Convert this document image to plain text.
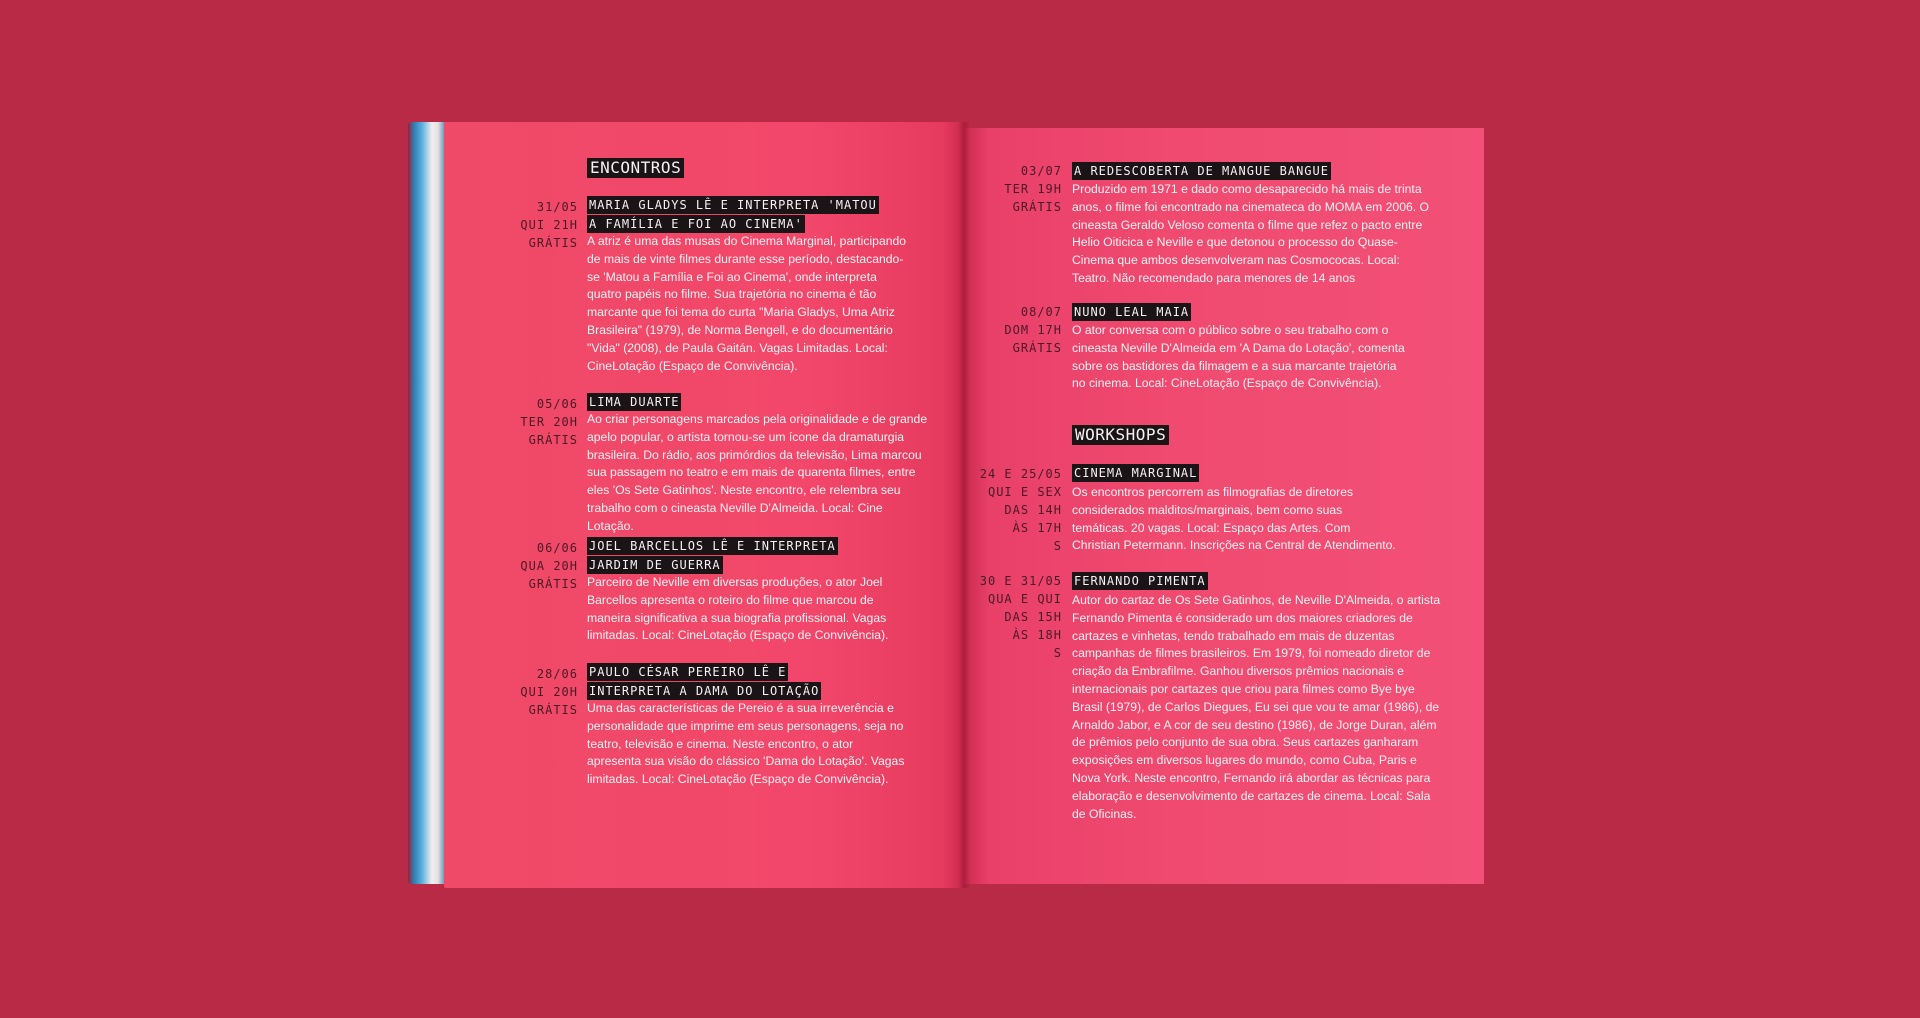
ENCONTROS
31/05
QUI 21H
GRÁTIS
MARIA GLADYS LÊ E INTERPRETA 'MATOU
A FAMÍLIA E FOI AO CINEMA'
A atriz é uma das musas do Cinema Marginal, participando de mais de vinte filmes durante esse período, destacando-se 'Matou a Família e Foi ao Cinema', onde interpreta quatro papéis no filme. Sua trajetória no cinema é tão marcante que foi tema do curta "Maria Gladys, Uma Atriz Brasileira" (1979), de Norma Bengell, e do documentário "Vida" (2008), de Paula Gaitán. Vagas Limitadas. Local: CineLotação (Espaço de Convivência).
05/06
TER 20H
GRÁTIS
LIMA DUARTE
Ao criar personagens marcados pela originalidade e de grande apelo popular, o artista tornou-se um ícone da dramaturgia brasileira. Do rádio, aos primórdios da televisão, Lima marcou sua passagem no teatro e em mais de quarenta filmes, entre eles 'Os Sete Gatinhos'. Neste encontro, ele relembra seu trabalho com o cineasta Neville D'Almeida. Local: Cine Lotação.
06/06
QUA 20H
GRÁTIS
JOEL BARCELLOS LÊ E INTERPRETA
JARDIM DE GUERRA
Parceiro de Neville em diversas produções, o ator Joel Barcellos apresenta o roteiro do filme que marcou de maneira significativa a sua biografia profissional. Vagas limitadas. Local: CineLotação (Espaço de Convivência).
28/06
QUI 20H
GRÁTIS
PAULO CÉSAR PEREIRO LÊ E
INTERPRETA A DAMA DO LOTAÇÃO
Uma das características de Pereio é a sua irreverência e personalidade que imprime em seus personagens, seja no teatro, televisão e cinema. Neste encontro, o ator apresenta sua visão do clássico 'Dama do Lotação'. Vagas limitadas. Local: CineLotação (Espaço de Convivência).
03/07
TER 19H
GRÁTIS
A REDESCOBERTA DE MANGUE BANGUE
Produzido em 1971 e dado como desaparecido há mais de trinta anos, o filme foi encontrado na cinemateca do MOMA em 2006. O cineasta Geraldo Veloso comenta o filme que refez o pacto entre Helio Oiticica e Neville e que detonou o processo do Quase-Cinema que ambos desenvolveram nas Cosmococas. Local: Teatro. Não recomendado para menores de 14 anos
08/07
DOM 17H
GRÁTIS
NUNO LEAL MAIA
O ator conversa com o público sobre o seu trabalho com o cineasta Neville D'Almeida em 'A Dama do Lotação', comenta sobre os bastidores da filmagem e a sua marcante trajetória no cinema. Local: CineLotação (Espaço de Convivência).
WORKSHOPS
24 E 25/05
QUI E SEX
DAS 14H
ÀS 17H
S
CINEMA MARGINAL
Os encontros percorrem as filmografias de diretores considerados malditos/marginais, bem como suas temáticas. 20 vagas. Local: Espaço das Artes. Com Christian Petermann. Inscrições na Central de Atendimento.
30 E 31/05
QUA E QUI
DAS 15H
ÀS 18H
S
FERNANDO PIMENTA
Autor do cartaz de Os Sete Gatinhos, de Neville D'Almeida, o artista Fernando Pimenta é considerado um dos maiores criadores de cartazes e vinhetas, tendo trabalhado em mais de duzentas campanhas de filmes brasileiros. Em 1979, foi nomeado diretor de criação da Embrafilme. Ganhou diversos prêmios nacionais e internacionais por cartazes que criou para filmes como Bye bye Brasil (1979), de Carlos Diegues, Eu sei que vou te amar (1986), de Arnaldo Jabor, e A cor de seu destino (1986), de Jorge Duran, além de prêmios pelo conjunto de sua obra. Seus cartazes ganharam exposições em diversos lugares do mundo, como Cuba, Paris e Nova York. Neste encontro, Fernando irá abordar as técnicas para elaboração e desenvolvimento de cartazes de cinema. Local: Sala de Oficinas.
